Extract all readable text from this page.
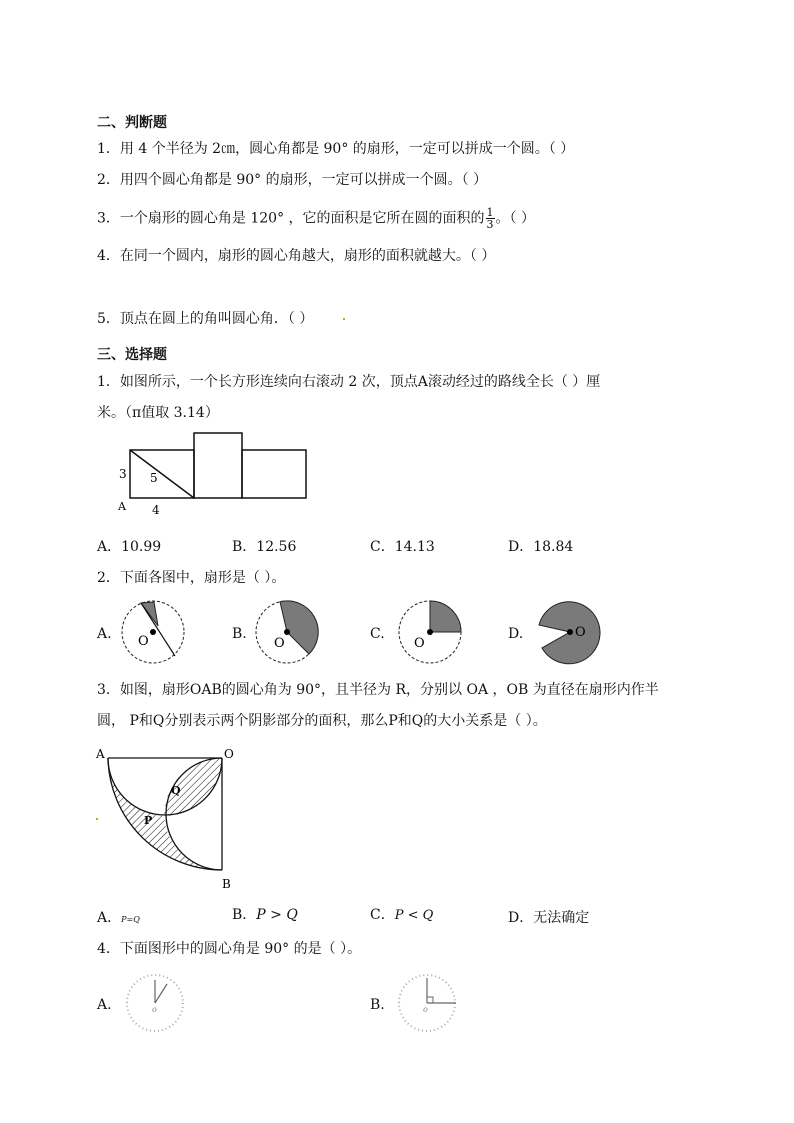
二、判断题
1．用 4 个半径为 2㎝，圆心角都是 90° 的扇形，一定可以拼成一个圆。（ ）
2．用四个圆心角都是 90° 的扇形，一定可以拼成一个圆。（ ）
3．一个扇形的圆心角是 120° ，它的面积是它所在圆的面积的 $\frac{1}{3}$ 。（ ）
4．在同一个圆内，扇形的圆心角越大，扇形的面积就越大。（ ）
5．顶点在圆上的角叫圆心角．（ ）
三、选择题
1．如图所示，一个长方形连续向右滚动 2 次，顶点A滚动经过的路线全长（ ）厘
米。（π值取 3.14）
3 5
A 4
A．10.99	B．12.56	C．14.13	D．18.84
2．下面各图中，扇形是（ ）。
A. O	B.
O
C.
O
D.	O
3．如图，扇形OAB的圆心角为 90°，且半径为 R，分别以 OA ，OB 为直径在扇形内作半
圆， P和Q分别表示两个阴影部分的面积，那么P和Q的大小关系是（ ）。
A	O
B
Q
P
A．P=Q	B．P > Q	C．P < Q	D．无法确定
4．下面图形中的圆心角是 90° 的是（ ）。
A.	o	B.	o
